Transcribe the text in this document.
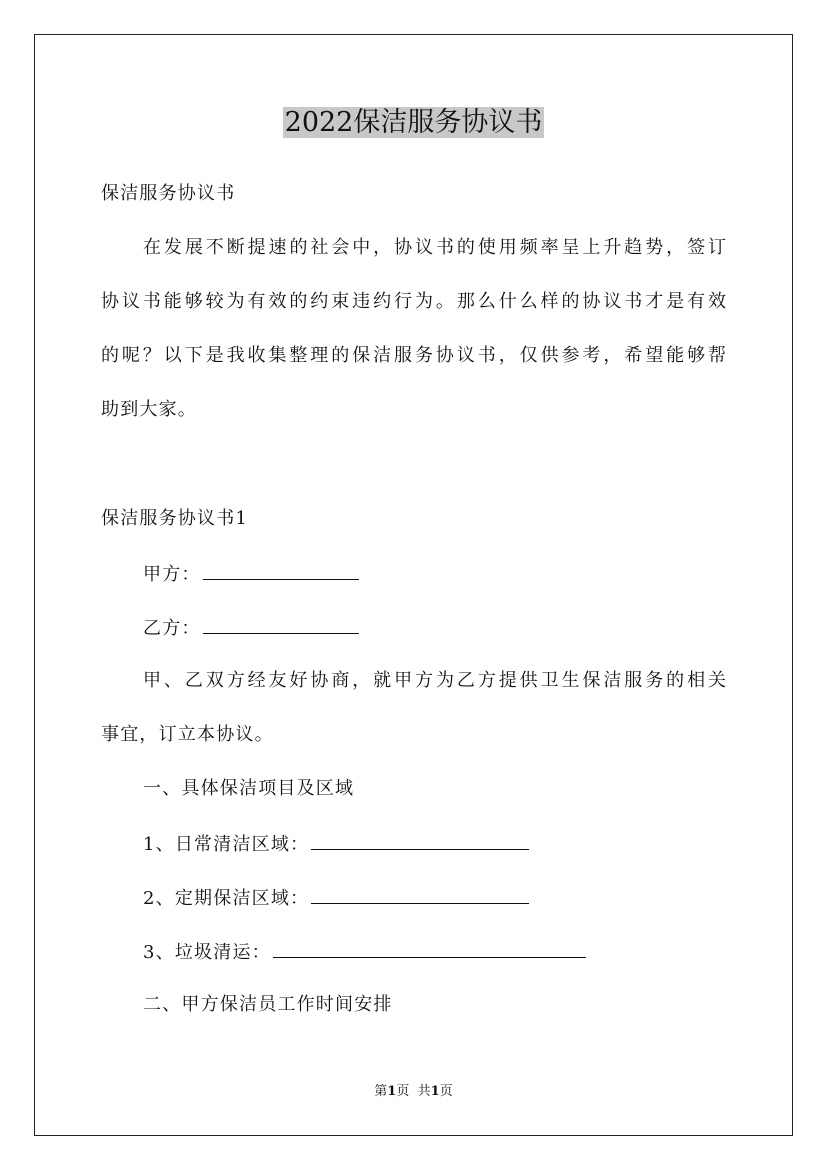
2022保洁服务协议书
保洁服务协议书
在发展不断提速的社会中，协议书的使用频率呈上升趋势，签订
协议书能够较为有效的约束违约行为。那么什么样的协议书才是有效
的呢？以下是我收集整理的保洁服务协议书，仅供参考，希望能够帮
助到大家。
保洁服务协议书1
甲方：
乙方：
甲、乙双方经友好协商，就甲方为乙方提供卫生保洁服务的相关
事宜，订立本协议。
一、具体保洁项目及区域
1、日常清洁区域：
2、定期保洁区域：
3、垃圾清运：
二、甲方保洁员工作时间安排
第1页 共1页
